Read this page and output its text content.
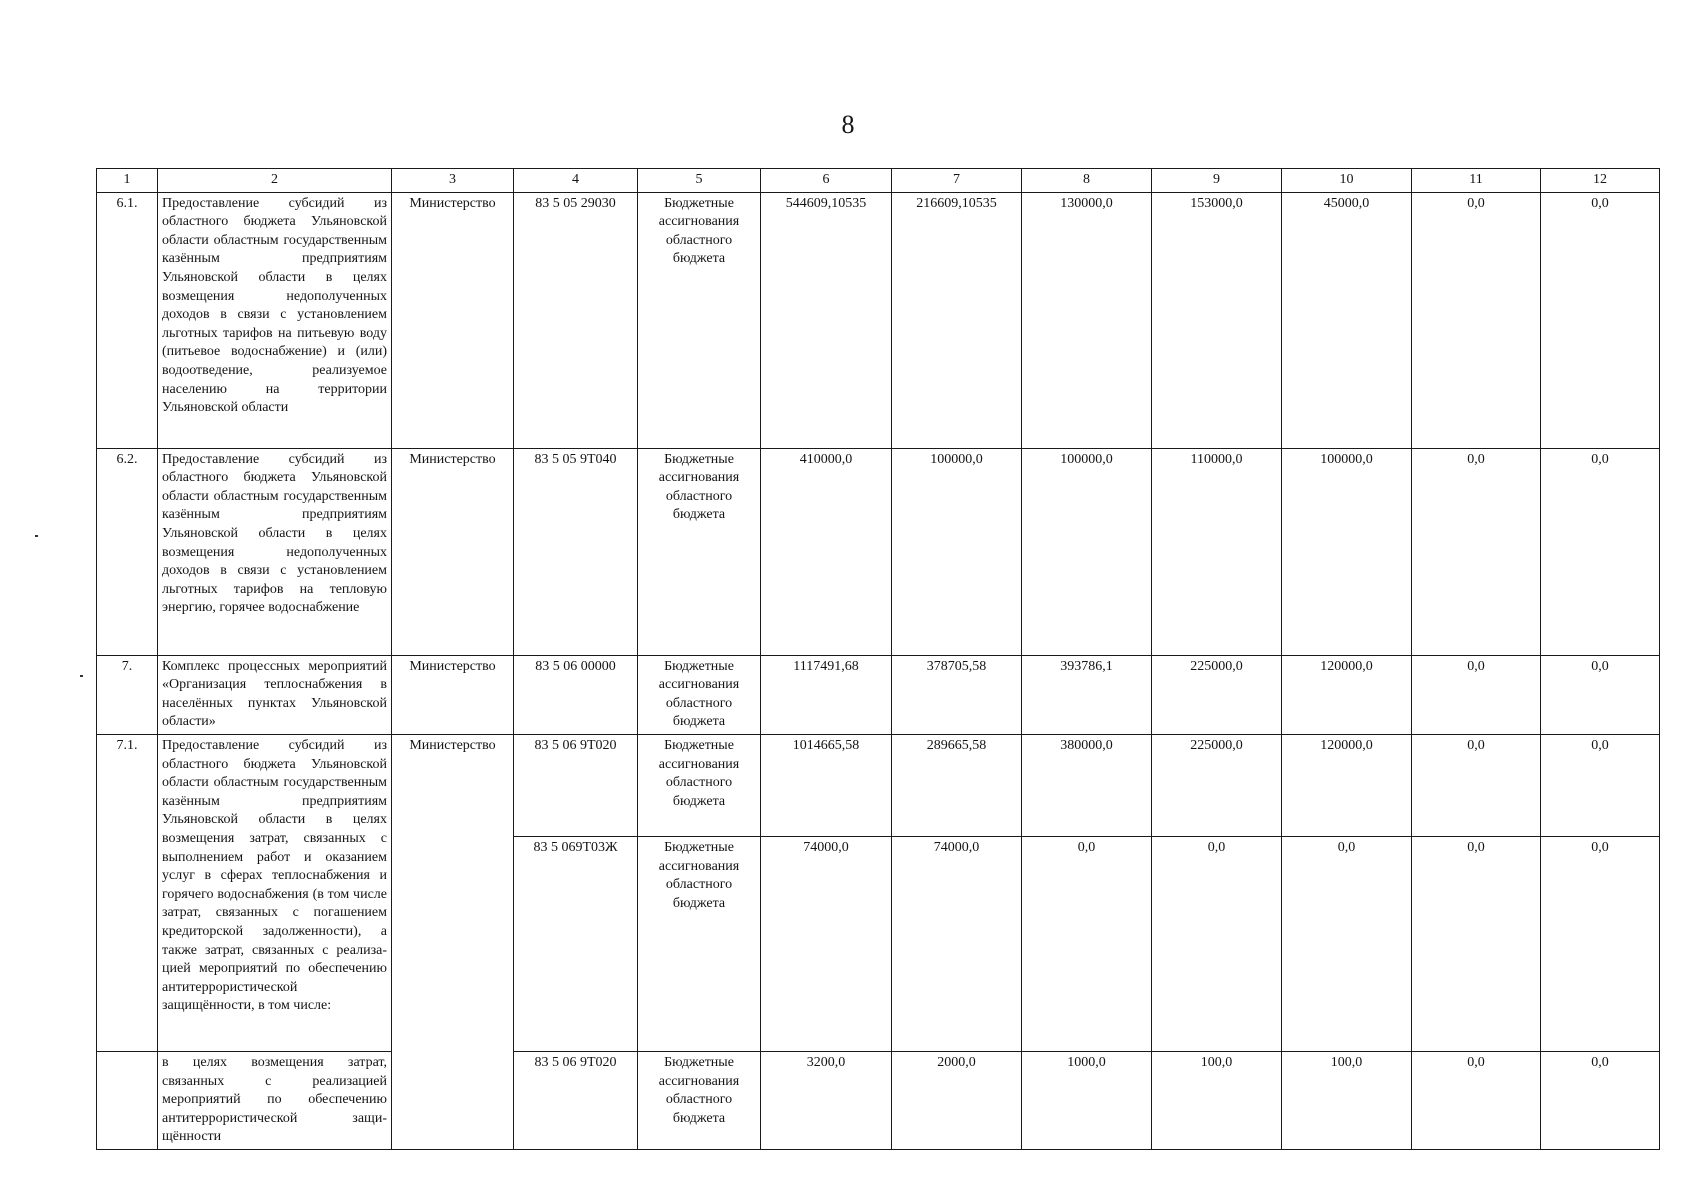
8
1	2	3	4	5	6	7	8	9	10	11	12
6.1.	Предоставление субсидий из областного бюджета Ульяновской области областным государственным казённым предприятиям Ульяновской области в целях возмещения недополученных доходов в связи с установлением льготных тарифов на питьевую воду (питьевое водоснабжение) и (или) водоотведение, реализуемое населению на территории Ульяновской области	Министерство	83 5 05 29030	Бюджетные ассигнования областного бюджета	544609,10535	216609,10535	130000,0	153000,0	45000,0	0,0	0,0
6.2.	Предоставление субсидий из областного бюджета Ульяновской области областным государственным казённым предприятиям Ульяновской области в целях возмещения недополученных доходов в связи с установлением льготных тарифов на тепловую энергию, горячее водоснабжение	Министерство	83 5 05 9Т040	Бюджетные ассигнования областного бюджета	410000,0	100000,0	100000,0	110000,0	100000,0	0,0	0,0
7.	Комплекс процессных мероприятий «Организация теплоснабжения в населённых пунктах Ульяновской области»	Министерство	83 5 06 00000	Бюджетные ассигнования областного бюджета	1117491,68	378705,58	393786,1	225000,0	120000,0	0,0	0,0
7.1.	Предоставление субсидий из областного бюджета Ульяновской области областным государственным казённым предприятиям Ульяновской области в целях возмещения затрат, связанных с выполнением работ и оказанием услуг в сферах теплоснабжения и горячего водоснабжения (в том числе затрат, связанных с погашением кредиторской задолженности), а также затрат, связанных с реализацией мероприятий по обеспечению антитеррористической защищённости, в том числе:	Министерство	83 5 06 9Т020	Бюджетные ассигнования областного бюджета	1014665,58	289665,58	380000,0	225000,0	120000,0	0,0	0,0
			83 5 069Т03Ж	Бюджетные ассигнования областного бюджета	74000,0	74000,0	0,0	0,0	0,0	0,0	0,0
	в целях возмещения затрат, связанных с реализацией мероприятий по обеспечению антитеррористической защищённости		83 5 06 9Т020	Бюджетные ассигнования областного бюджета	3200,0	2000,0	1000,0	100,0	100,0	0,0	0,0
